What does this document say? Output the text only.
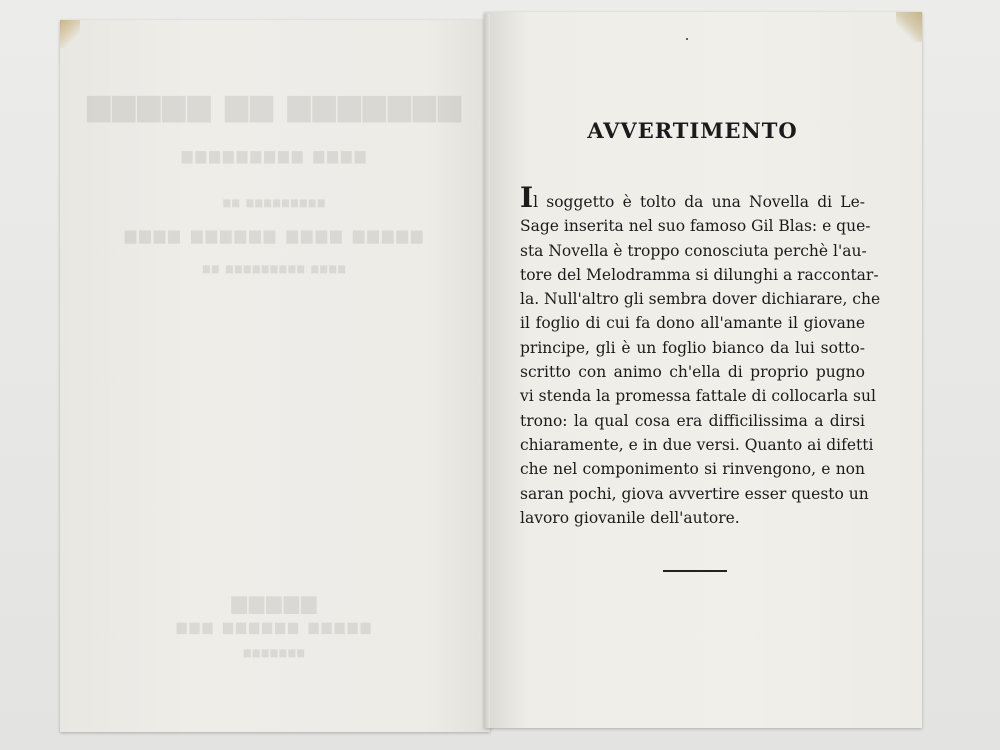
▆▆▆▆▆ ▆▆ ▆▆▆▆▆▆▆
▆▆▆▆▆▆▆▆▆ ▆▆▆▆
▆▆ ▆▆▆▆▆▆▆▆▆
▆▆▆▆ ▆▆▆▆▆▆ ▆▆▆▆ ▆▆▆▆▆
▆▆ ▆▆▆▆▆▆▆▆▆ ▆▆▆▆
▆▆▆▆▆
▆▆▆ ▆▆▆▆▆▆ ▆▆▆▆▆
▆▆▆▆▆▆▆
AVVERTIMENTO
Il soggetto è tolto da una Novella di Le-
Sage inserita nel suo famoso Gil Blas: e que-
sta Novella è troppo conosciuta perchè l'au-
tore del Melodramma si dilunghi a raccontar-
la. Null'altro gli sembra dover dichiarare, che
il foglio di cui fa dono all'amante il giovane
principe, gli è un foglio bianco da lui sotto-
scritto con animo ch'ella di proprio pugno
vi stenda la promessa fattale di collocarla sul
trono: la qual cosa era difficilissima a dirsi
chiaramente, e in due versi. Quanto ai difetti
che nel componimento si rinvengono, e non
saran pochi, giova avvertire esser questo un
lavoro giovanile dell'autore.
